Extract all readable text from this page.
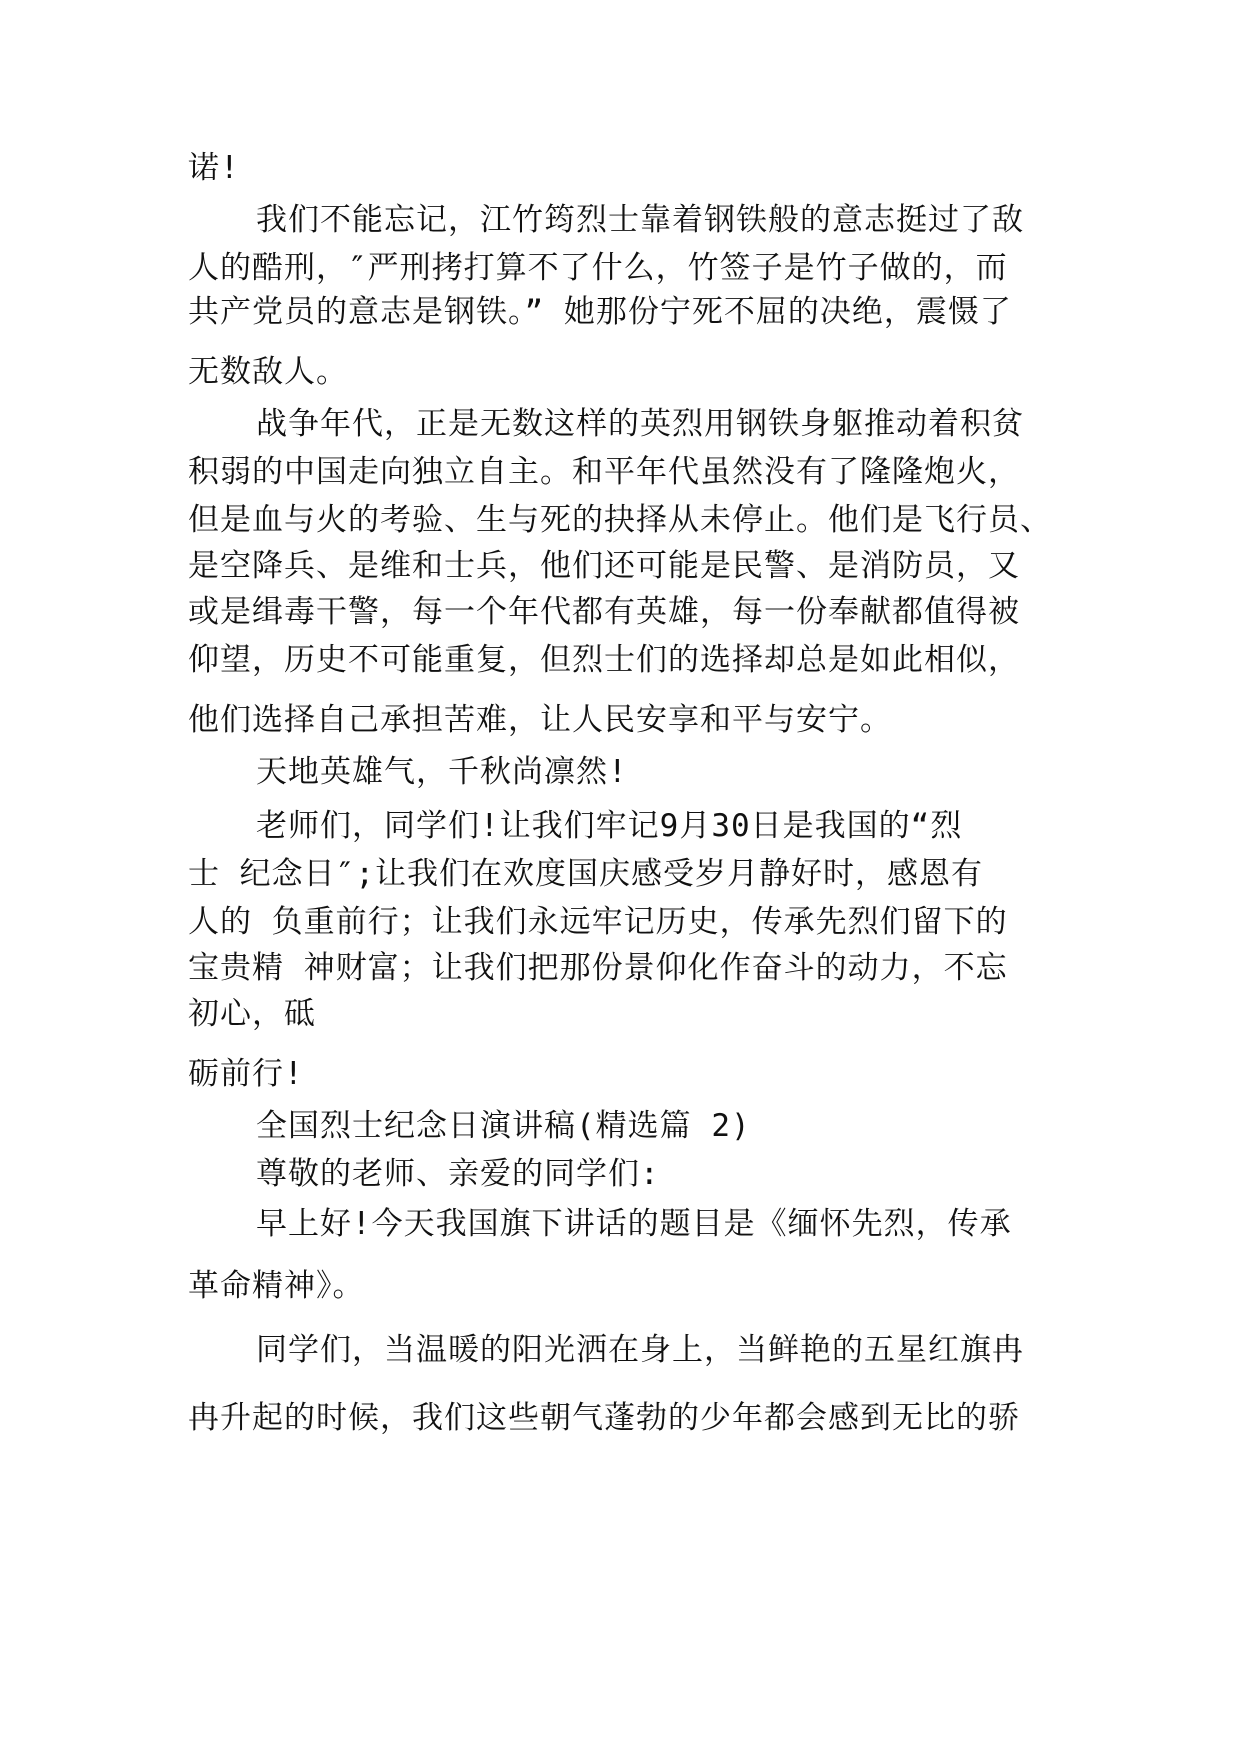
诺!
我们不能忘记，江竹筠烈士靠着钢铁般的意志挺过了敌
人的酷刑，″严刑拷打算不了什么，竹签子是竹子做的，而
共产党员的意志是钢铁。” 她那份宁死不屈的决绝，震慑了
无数敌人。
战争年代，正是无数这样的英烈用钢铁身躯推动着积贫
积弱的中国走向独立自主。和平年代虽然没有了隆隆炮火，
但是血与火的考验、生与死的抉择从未停止。他们是飞行员、
是空降兵、是维和士兵，他们还可能是民警、是消防员，又
或是缉毒干警，每一个年代都有英雄，每一份奉献都值得被
仰望，历史不可能重复，但烈士们的选择却总是如此相似，
他们选择自己承担苦难，让人民安享和平与安宁。
天地英雄气，千秋尚凛然!
老师们，同学们!让我们牢记9月30日是我国的“烈
士 纪念日″;让我们在欢度国庆感受岁月静好时，感恩有
人的 负重前行；让我们永远牢记历史，传承先烈们留下的
宝贵精 神财富；让我们把那份景仰化作奋斗的动力，不忘
初心，砥
砺前行!
全国烈士纪念日演讲稿(精选篇 2)
尊敬的老师、亲爱的同学们:
早上好!今天我国旗下讲话的题目是《缅怀先烈，传承
革命精神》。
同学们，当温暖的阳光洒在身上，当鲜艳的五星红旗冉
冉升起的时候，我们这些朝气蓬勃的少年都会感到无比的骄
